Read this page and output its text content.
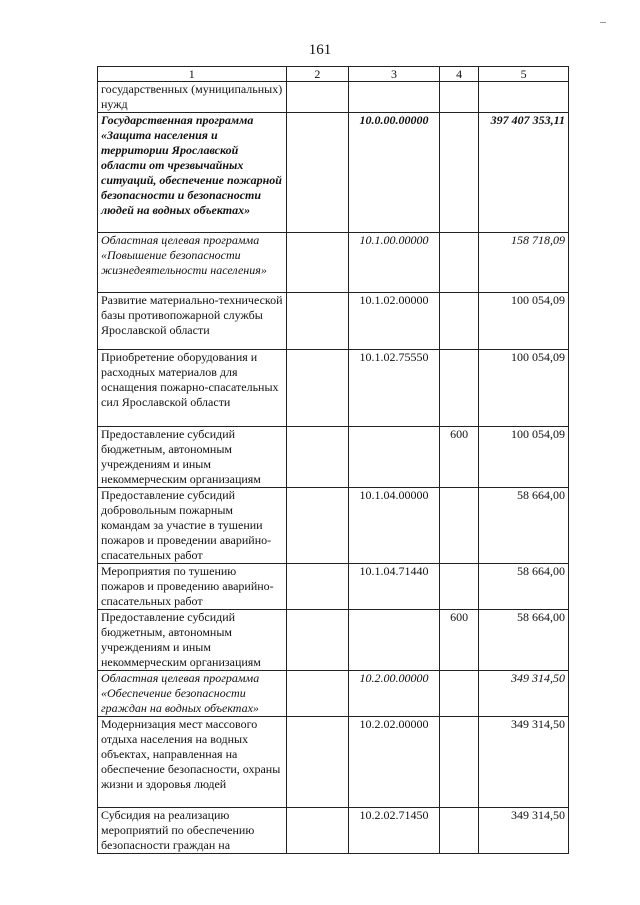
161
1	2	3	4	5
государственных (муниципальных) нужд				
Государственная программа «Защита населения и территории Ярославской области от чрезвычайных ситуаций, обеспечение пожарной безопасности и безопасности людей на водных объектах»		10.0.00.00000		397 407 353,11
Областная целевая программа «Повышение безопасности жизнедеятельности населения»		10.1.00.00000		158 718,09
Развитие материально-технической базы противопожарной службы Ярославской области		10.1.02.00000		100 054,09
Приобретение оборудования и расходных материалов для оснащения пожарно-спасательных сил Ярославской области		10.1.02.75550		100 054,09
Предоставление субсидий бюджетным, автономным учреждениям и иным некоммерческим организациям			600	100 054,09
Предоставление субсидий добровольным пожарным командам за участие в тушении пожаров и проведении аварийно-спасательных работ		10.1.04.00000		58 664,00
Мероприятия по тушению пожаров и проведению аварийно-спасательных работ		10.1.04.71440		58 664,00
Предоставление субсидий бюджетным, автономным учреждениям и иным некоммерческим организациям			600	58 664,00
Областная целевая программа «Обеспечение безопасности граждан на водных объектах»		10.2.00.00000		349 314,50
Модернизация мест массового отдыха населения на водных объектах, направленная на обеспечение безопасности, охраны жизни и здоровья людей		10.2.02.00000		349 314,50
Субсидия на реализацию мероприятий по обеспечению безопасности граждан на		10.2.02.71450		349 314,50
